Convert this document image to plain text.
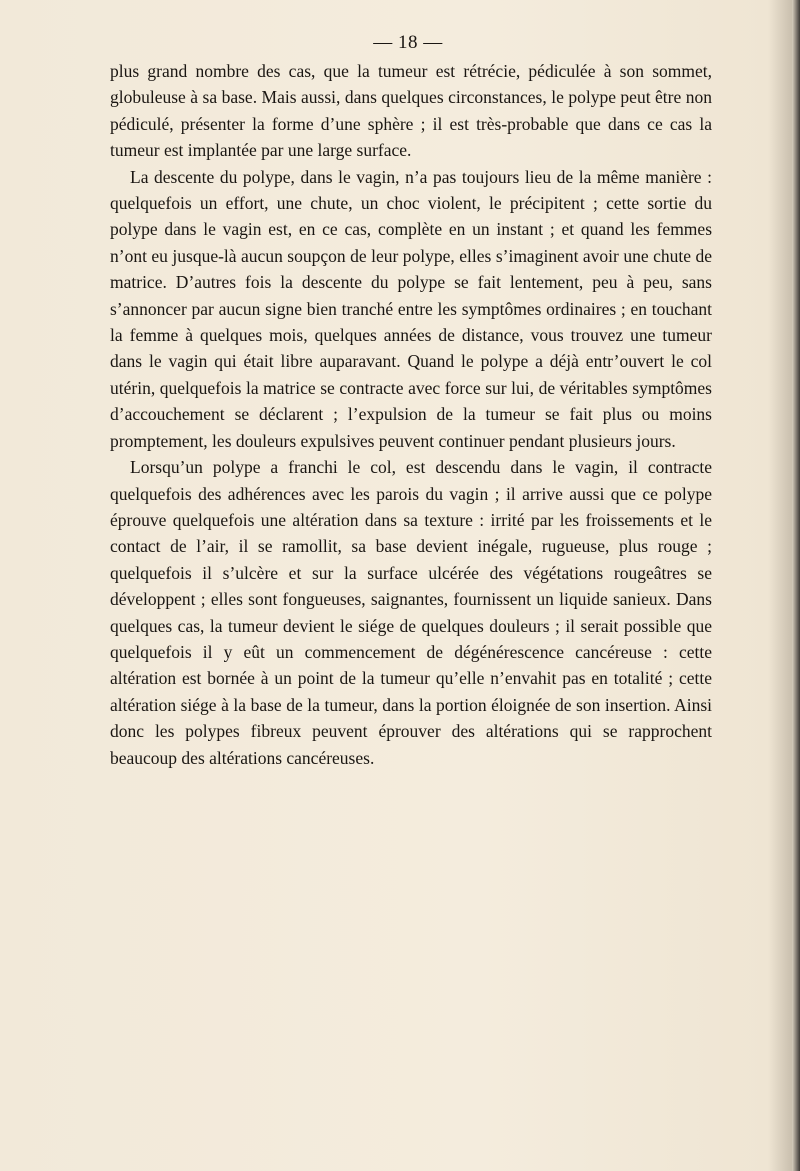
— 18 —

plus grand nombre des cas, que la tumeur est rétrécie, pédiculée à son sommet, globuleuse à sa base. Mais aussi, dans quelques circonstances, le polype peut être non pédiculé, présenter la forme d’une sphère ; il est très-probable que dans ce cas la tumeur est implantée par une large surface.

La descente du polype, dans le vagin, n’a pas toujours lieu de la même manière : quelquefois un effort, une chute, un choc violent, le précipitent ; cette sortie du polype dans le vagin est, en ce cas, complète en un instant ; et quand les femmes n’ont eu jusque-là aucun soupçon de leur polype, elles s’imaginent avoir une chute de matrice. D’autres fois la descente du polype se fait lentement, peu à peu, sans s’annoncer par aucun signe bien tranché entre les symptômes ordinaires ; en touchant la femme à quelques mois, quelques années de distance, vous trouvez une tumeur dans le vagin qui était libre auparavant. Quand le polype a déjà entr’ouvert le col utérin, quelquefois la matrice se contracte avec force sur lui, de véritables symptômes d’accouchement se déclarent ; l’expulsion de la tumeur se fait plus ou moins promptement, les douleurs expulsives peuvent continuer pendant plusieurs jours.

Lorsqu’un polype a franchi le col, est descendu dans le vagin, il contracte quelquefois des adhérences avec les parois du vagin ; il arrive aussi que ce polype éprouve quelquefois une altération dans sa texture : irrité par les froissements et le contact de l’air, il se ramollit, sa base devient inégale, rugueuse, plus rouge ; quelquefois il s’ulcère et sur la surface ulcérée des végétations rougeâtres se développent ; elles sont fongueuses, saignantes, fournissent un liquide sanieux. Dans quelques cas, la tumeur devient le siége de quelques douleurs ; il serait possible que quelquefois il y eût un commencement de dégénérescence cancéreuse : cette altération est bornée à un point de la tumeur qu’elle n’envahit pas en totalité ; cette altération siége à la base de la tumeur, dans la portion éloignée de son insertion. Ainsi donc les polypes fibreux peuvent éprouver des altérations qui se rapprochent beaucoup des altérations cancéreuses.
